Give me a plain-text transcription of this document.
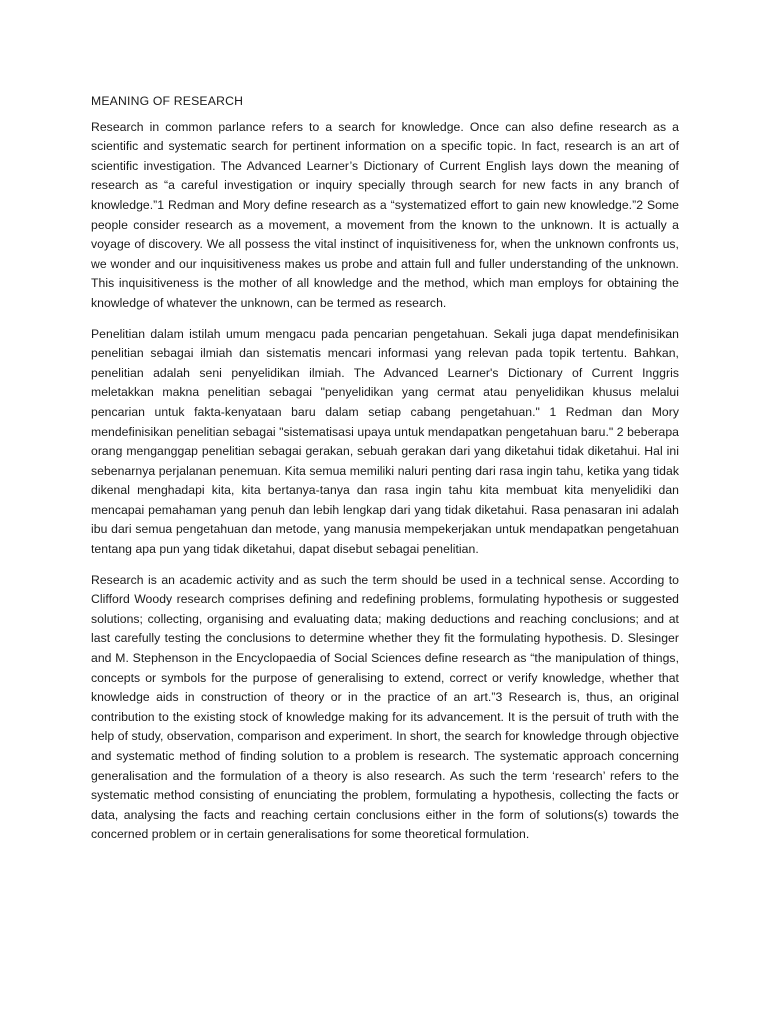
MEANING OF RESEARCH

Research in common parlance refers to a search for knowledge. Once can also define research as a scientific and systematic search for pertinent information on a specific topic. In fact, research is an art of scientific investigation. The Advanced Learner’s Dictionary of Current English lays down the meaning of research as “a careful investigation or inquiry specially through search for new facts in any branch of knowledge.”1 Redman and Mory define research as a “systematized effort to gain new knowledge.”2 Some people consider research as a movement, a movement from the known to the unknown. It is actually a voyage of discovery. We all possess the vital instinct of inquisitiveness for, when the unknown confronts us, we wonder and our inquisitiveness makes us probe and attain full and fuller understanding of the unknown. This inquisitiveness is the mother of all knowledge and the method, which man employs for obtaining the knowledge of whatever the unknown, can be termed as research.

Penelitian dalam istilah umum mengacu pada pencarian pengetahuan. Sekali juga dapat mendefinisikan penelitian sebagai ilmiah dan sistematis mencari informasi yang relevan pada topik tertentu. Bahkan, penelitian adalah seni penyelidikan ilmiah. The Advanced Learner's Dictionary of Current Inggris meletakkan makna penelitian sebagai "penyelidikan yang cermat atau penyelidikan khusus melalui pencarian untuk fakta-kenyataan baru dalam setiap cabang pengetahuan." 1 Redman dan Mory mendefinisikan penelitian sebagai "sistematisasi upaya untuk mendapatkan pengetahuan baru." 2 beberapa orang menganggap penelitian sebagai gerakan, sebuah gerakan dari yang diketahui tidak diketahui. Hal ini sebenarnya perjalanan penemuan. Kita semua memiliki naluri penting dari rasa ingin tahu, ketika yang tidak dikenal menghadapi kita, kita bertanya-tanya dan rasa ingin tahu kita membuat kita menyelidiki dan mencapai pemahaman yang penuh dan lebih lengkap dari yang tidak diketahui. Rasa penasaran ini adalah ibu dari semua pengetahuan dan metode, yang manusia mempekerjakan untuk mendapatkan pengetahuan tentang apa pun yang tidak diketahui, dapat disebut sebagai penelitian.

Research is an academic activity and as such the term should be used in a technical sense. According to Clifford Woody research comprises defining and redefining problems, formulating hypothesis or suggested solutions; collecting, organising and evaluating data; making deductions and reaching conclusions; and at last carefully testing the conclusions to determine whether they fit the formulating hypothesis. D. Slesinger and M. Stephenson in the Encyclopaedia of Social Sciences define research as “the manipulation of things, concepts or symbols for the purpose of generalising to extend, correct or verify knowledge, whether that knowledge aids in construction of theory or in the practice of an art.”3 Research is, thus, an original contribution to the existing stock of knowledge making for its advancement. It is the persuit of truth with the help of study, observation, comparison and experiment. In short, the search for knowledge through objective and systematic method of finding solution to a problem is research. The systematic approach concerning generalisation and the formulation of a theory is also research. As such the term ‘research’ refers to the systematic method consisting of enunciating the problem, formulating a hypothesis, collecting the facts or data, analysing the facts and reaching certain conclusions either in the form of solutions(s) towards the concerned problem or in certain generalisations for some theoretical formulation.
